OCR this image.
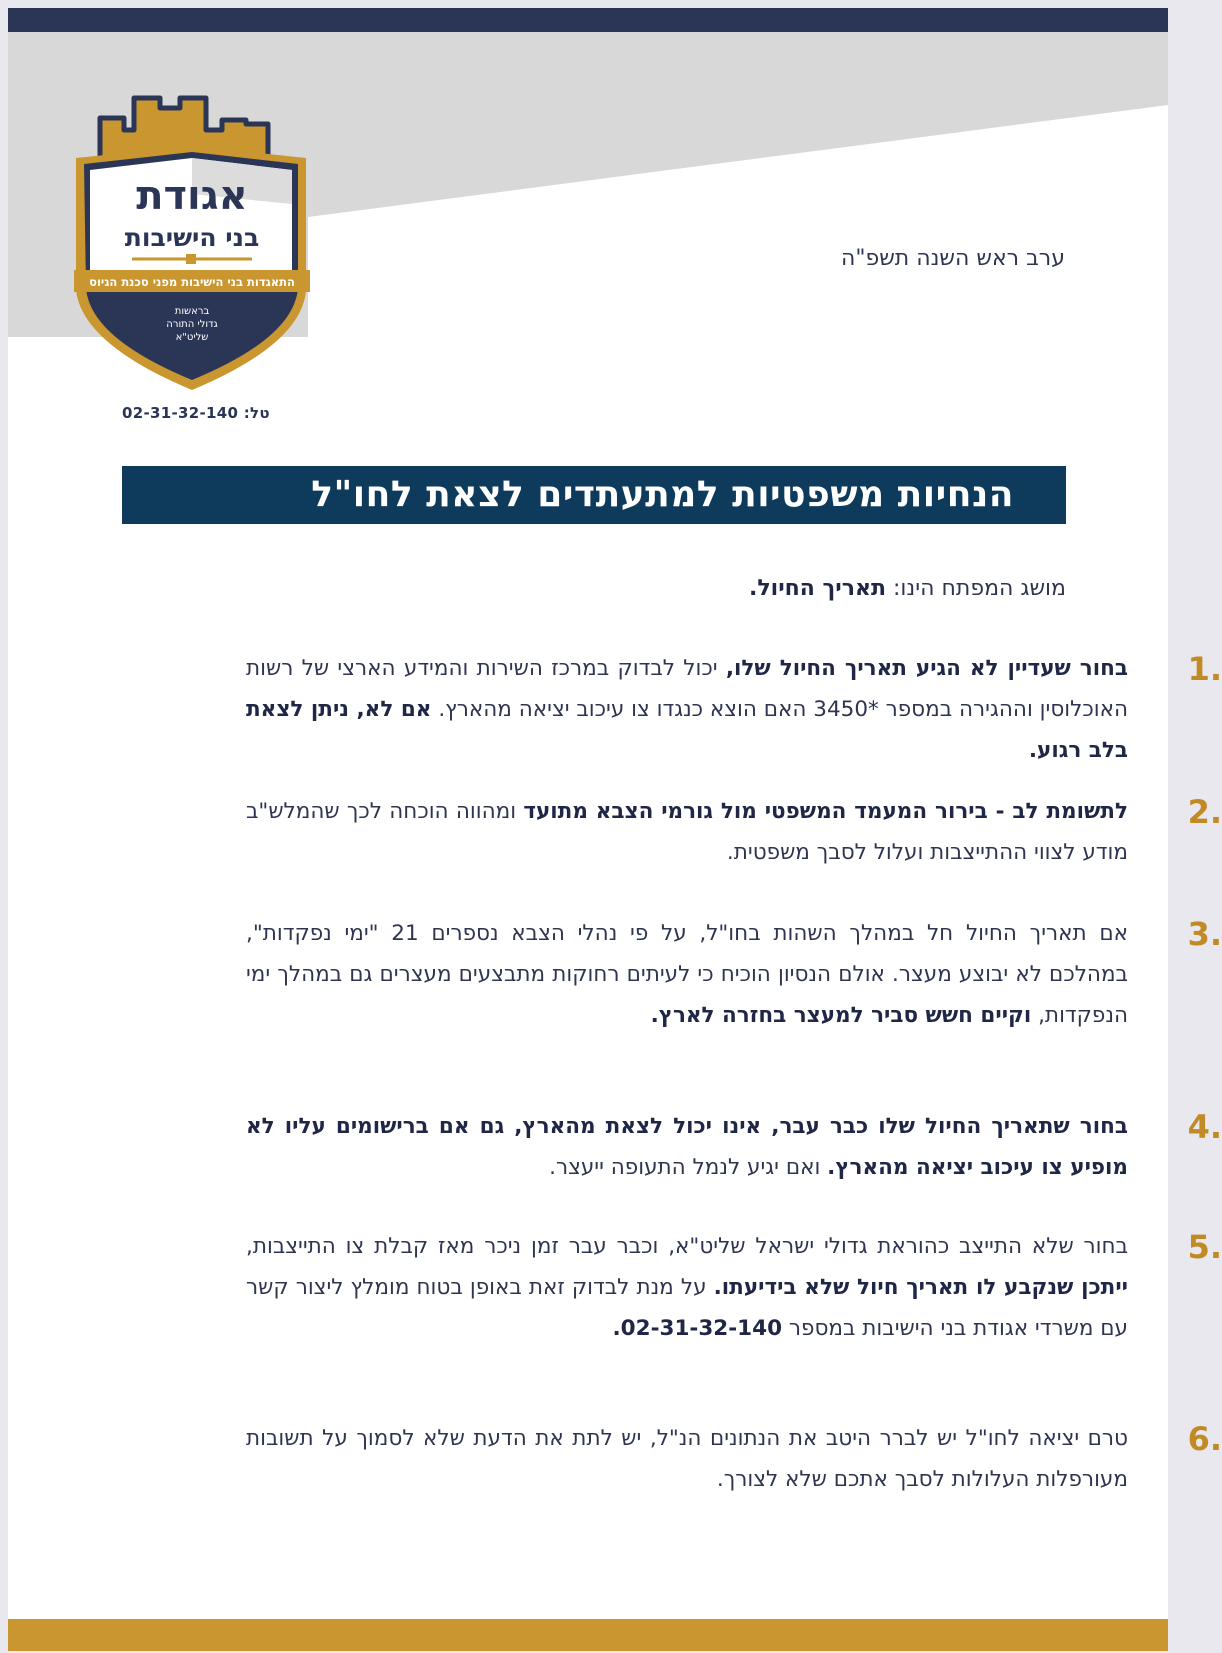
אגודת
בני הישיבות
התאגדות בני הישיבות מפני סכנת הגיוס
בראשות
גדולי התורה
שליט"א
02-31-32-140 :טל
ערב ראש השנה תשפ"ה
הנחיות משפטיות למתעתדים לצאת לחו"ל
מושג המפתח הינו: תאריך החיול.
.1
בחור שעדיין לא הגיע תאריך החיול שלו, יכול לבדוק במרכז השירות והמידע הארצי של רשות האוכלוסין וההגירה במספר *3450 האם הוצא כנגדו צו עיכוב יציאה מהארץ. אם לא, ניתן לצאת בלב רגוע.
.2
לתשומת לב - בירור המעמד המשפטי מול גורמי הצבא מתועד ומהווה הוכחה לכך שהמלש"ב מודע לצווי ההתייצבות ועלול לסבך משפטית.
.3
אם תאריך החיול חל במהלך השהות בחו"ל, על פי נהלי הצבא נספרים 21 "ימי נפקדות", במהלכם לא יבוצע מעצר. אולם הנסיון הוכיח כי לעיתים רחוקות מתבצעים מעצרים גם במהלך ימי הנפקדות, וקיים חשש סביר למעצר בחזרה לארץ.
.4
בחור שתאריך החיול שלו כבר עבר, אינו יכול לצאת מהארץ, גם אם ברישומים עליו לא מופיע צו עיכוב יציאה מהארץ. ואם יגיע לנמל התעופה ייעצר.
.5
בחור שלא התייצב כהוראת גדולי ישראל שליט"א, וכבר עבר זמן ניכר מאז קבלת צו התייצבות, ייתכן שנקבע לו תאריך חיול שלא בידיעתו. על מנת לבדוק זאת באופן בטוח מומלץ ליצור קשר עם משרדי אגודת בני הישיבות במספר 02-31-32-140.
.6
טרם יציאה לחו"ל יש לברר היטב את הנתונים הנ"ל, יש לתת את הדעת שלא לסמוך על תשובות מעורפלות העלולות לסבך אתכם שלא לצורך.
